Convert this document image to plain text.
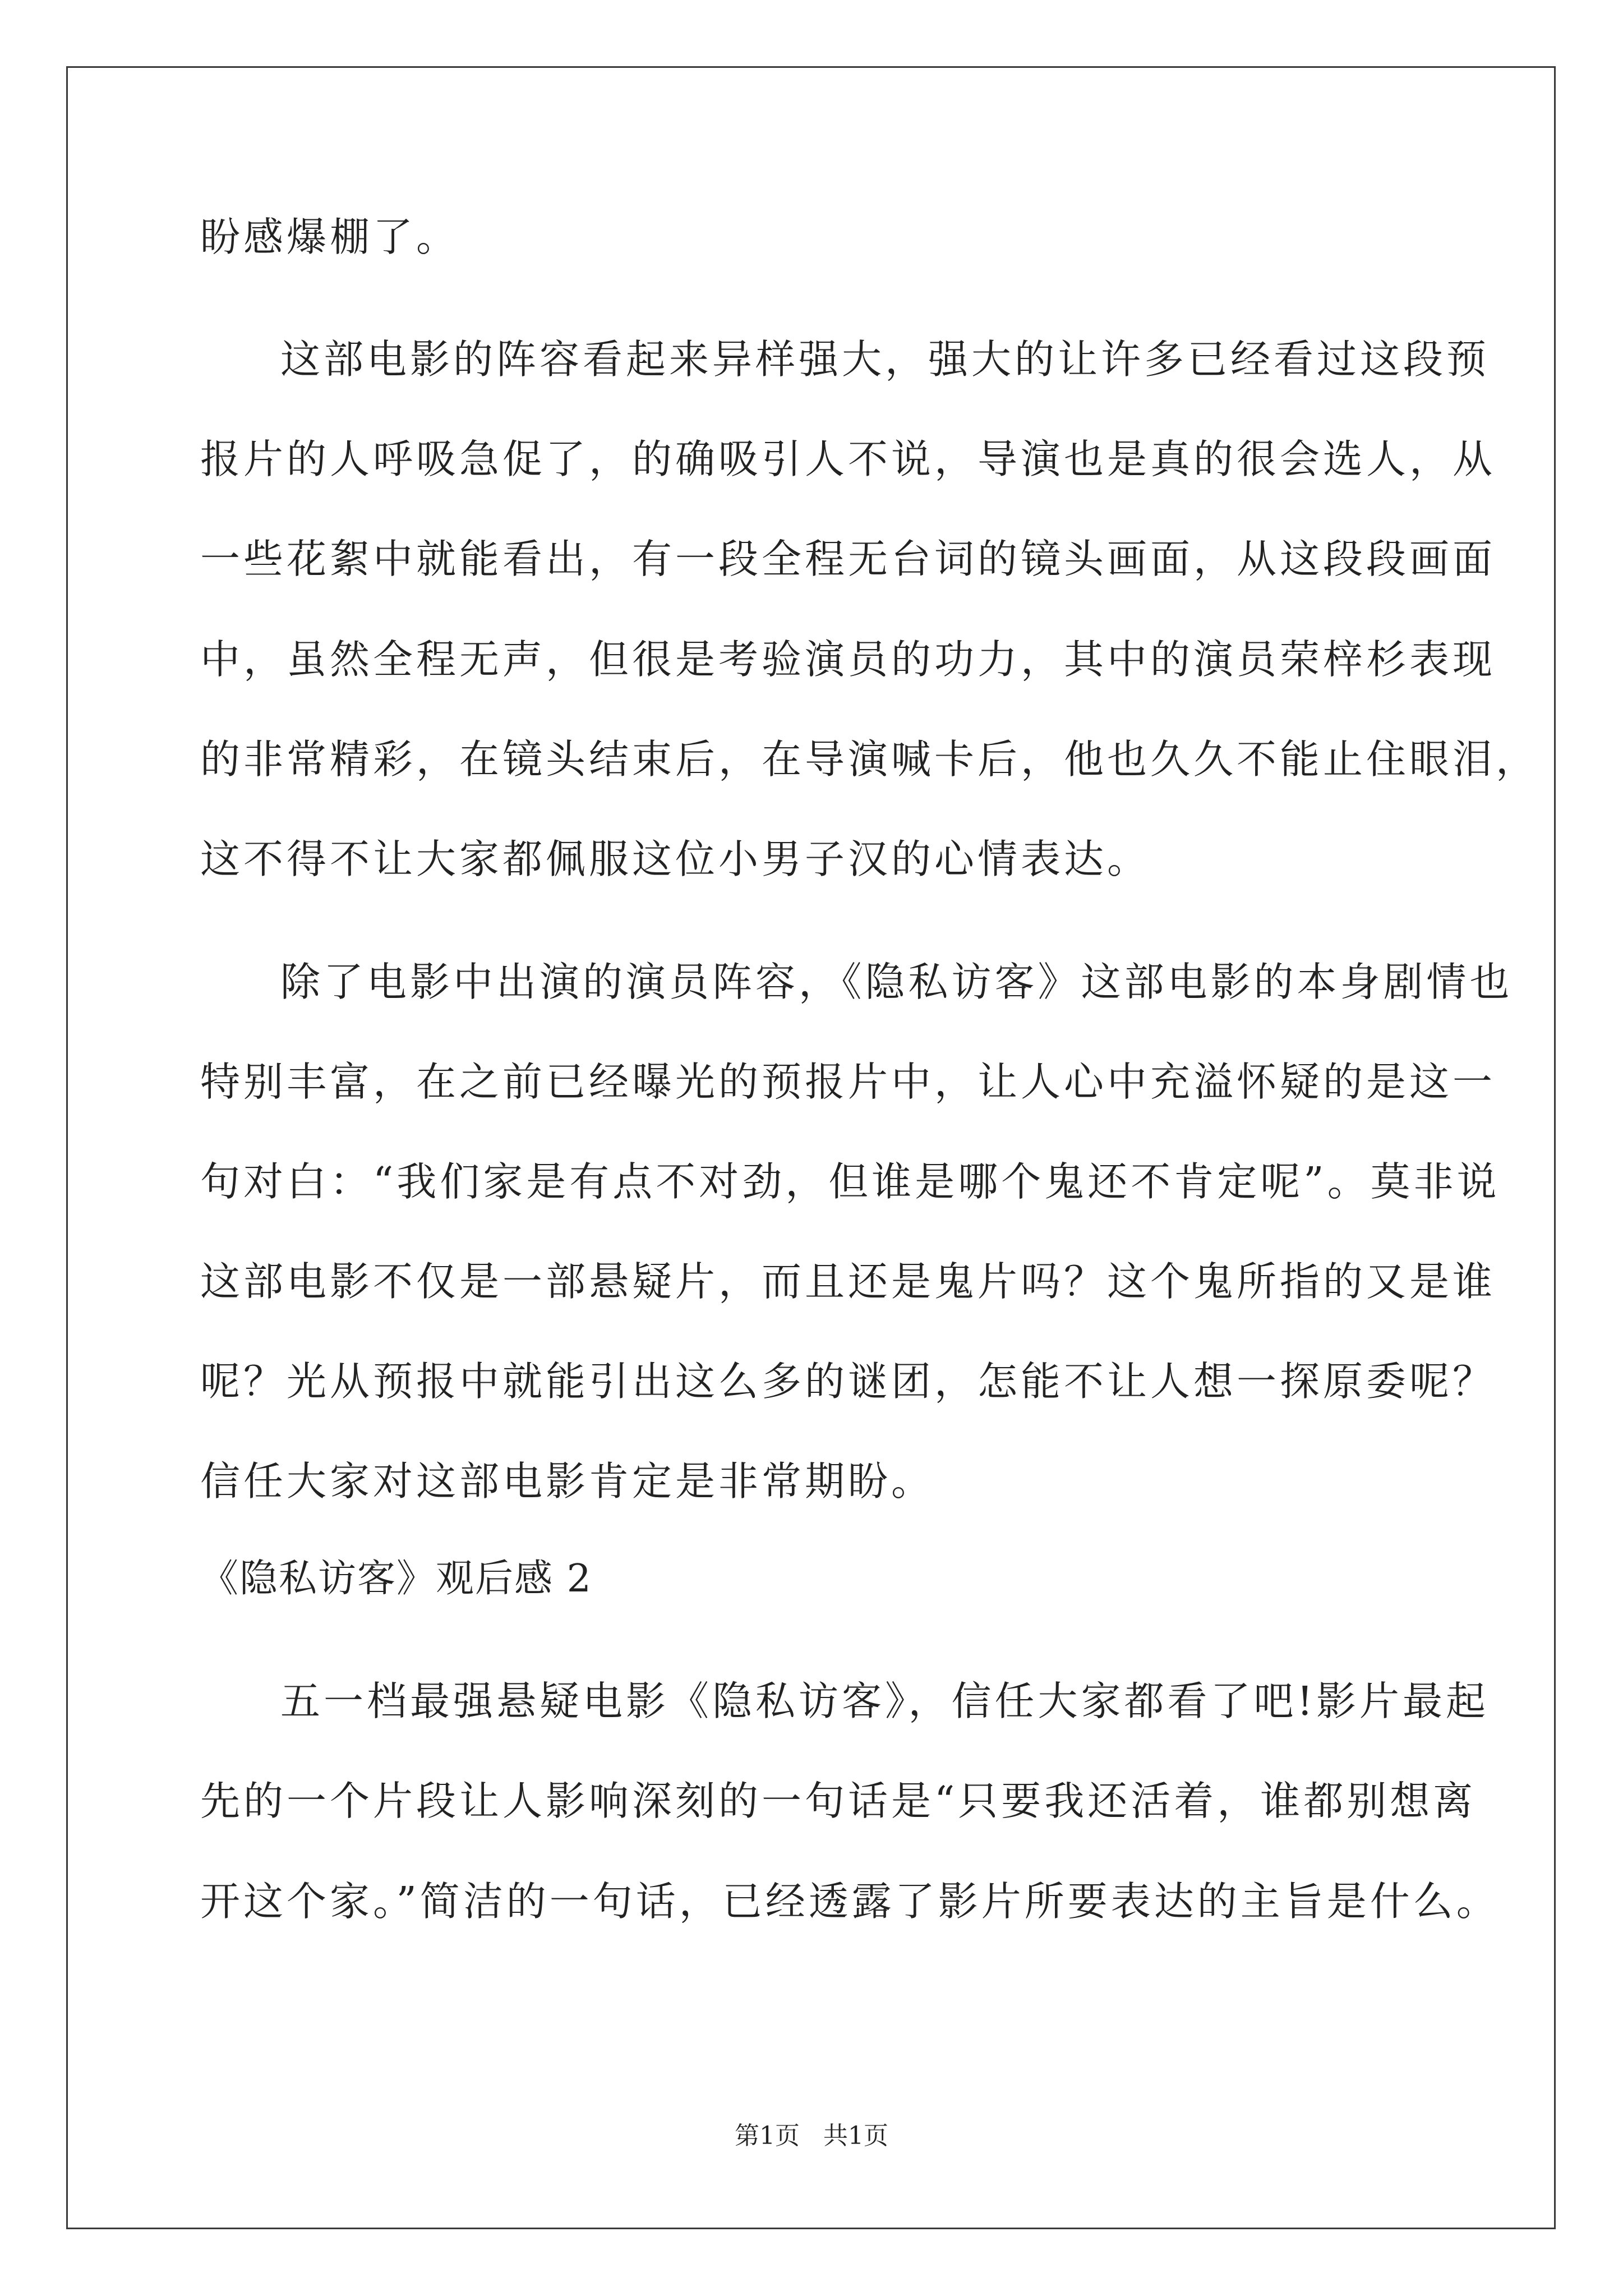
盼感爆棚了。
这部电影的阵容看起来异样强大，强大的让许多已经看过这段预
报片的人呼吸急促了，的确吸引人不说，导演也是真的很会选人，从
一些花絮中就能看出，有一段全程无台词的镜头画面，从这段段画面
中，虽然全程无声，但很是考验演员的功力，其中的演员荣梓杉表现
的非常精彩，在镜头结束后，在导演喊卡后，他也久久不能止住眼泪，
这不得不让大家都佩服这位小男子汉的心情表达。
除了电影中出演的演员阵容，《隐私访客》这部电影的本身剧情也
特别丰富，在之前已经曝光的预报片中，让人心中充溢怀疑的是这一
句对白：“我们家是有点不对劲，但谁是哪个鬼还不肯定呢”。莫非说
这部电影不仅是一部悬疑片，而且还是鬼片吗？这个鬼所指的又是谁
呢？光从预报中就能引出这么多的谜团，怎能不让人想一探原委呢？
信任大家对这部电影肯定是非常期盼。
《隐私访客》观后感 2
五一档最强悬疑电影《隐私访客》，信任大家都看了吧!影片最起
先的一个片段让人影响深刻的一句话是“只要我还活着，谁都别想离
开这个家。”简洁的一句话，已经透露了影片所要表达的主旨是什么。
第1页 共1页
